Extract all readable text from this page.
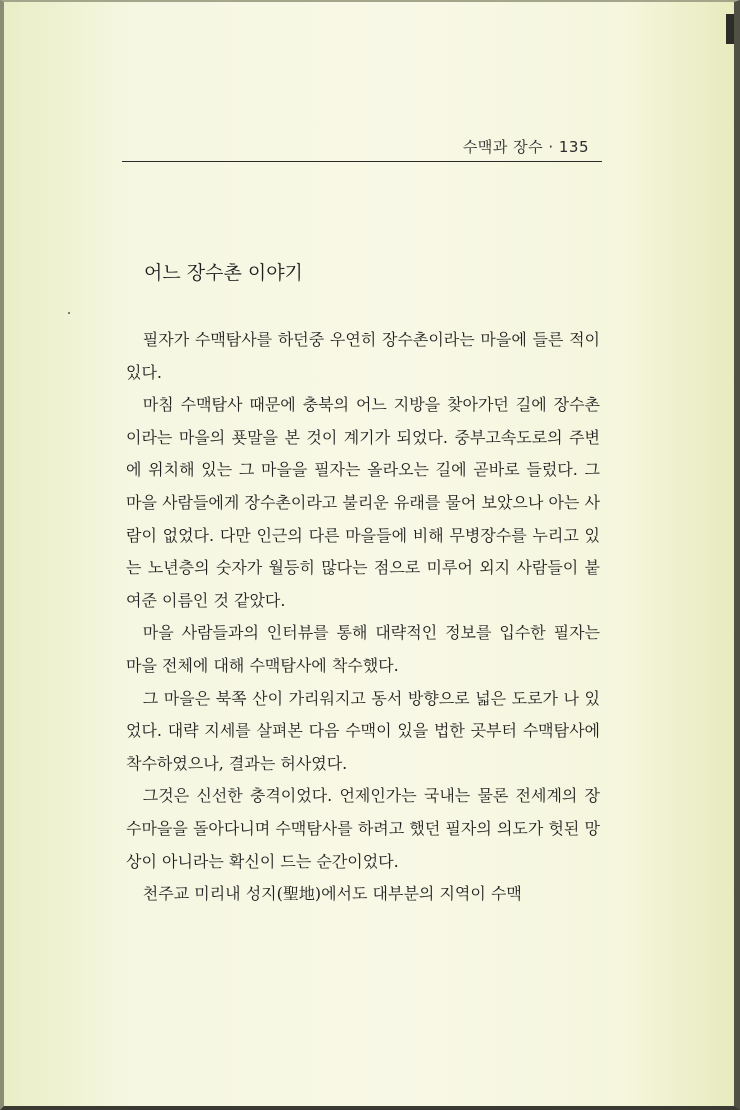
수맥과 장수 · 135
어느 장수촌 이야기

필자가 수맥탐사를 하던중 우연히 장수촌이라는 마을에 들른 적이 있다.

마침 수맥탐사 때문에 충북의 어느 지방을 찾아가던 길에 장수촌이라는 마을의 푯말을 본 것이 계기가 되었다. 중부고속도로의 주변에 위치해 있는 그 마을을 필자는 올라오는 길에 곧바로 들렀다. 그 마을 사람들에게 장수촌이라고 불리운 유래를 물어 보았으나 아는 사람이 없었다. 다만 인근의 다른 마을들에 비해 무병장수를 누리고 있는 노년층의 숫자가 월등히 많다는 점으로 미루어 외지 사람들이 붙여준 이름인 것 같았다.

마을 사람들과의 인터뷰를 통해 대략적인 정보를 입수한 필자는 마을 전체에 대해 수맥탐사에 착수했다.

그 마을은 북쪽 산이 가리워지고 동서 방향으로 넓은 도로가 나 있었다. 대략 지세를 살펴본 다음 수맥이 있을 법한 곳부터 수맥탐사에 착수하였으나, 결과는 허사였다.

그것은 신선한 충격이었다. 언제인가는 국내는 물론 전세계의 장수마을을 돌아다니며 수맥탐사를 하려고 했던 필자의 의도가 헛된 망상이 아니라는 확신이 드는 순간이었다.

천주교 미리내 성지(聖地)에서도 대부분의 지역이 수맥
